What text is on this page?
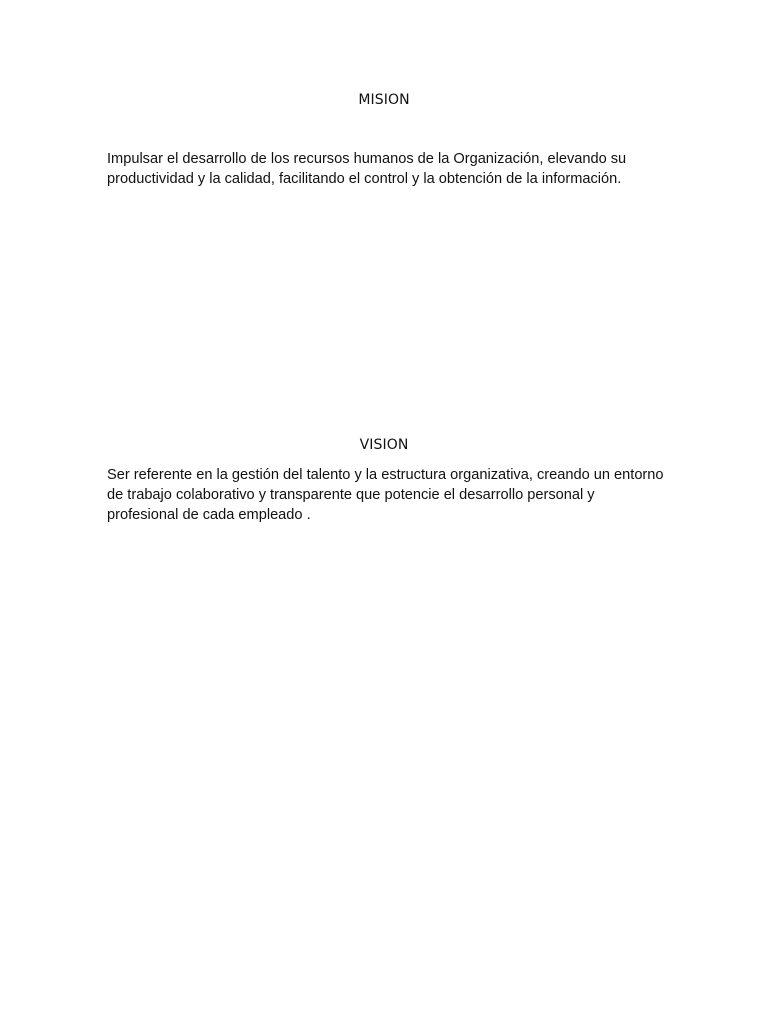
MISION

Impulsar el desarrollo de los recursos humanos de la Organización, elevando su productividad y la calidad, facilitando el control y la obtención de la información.

VISION

Ser referente en la gestión del talento y la estructura organizativa, creando un entorno de trabajo colaborativo y transparente que potencie el desarrollo personal y profesional de cada empleado .
